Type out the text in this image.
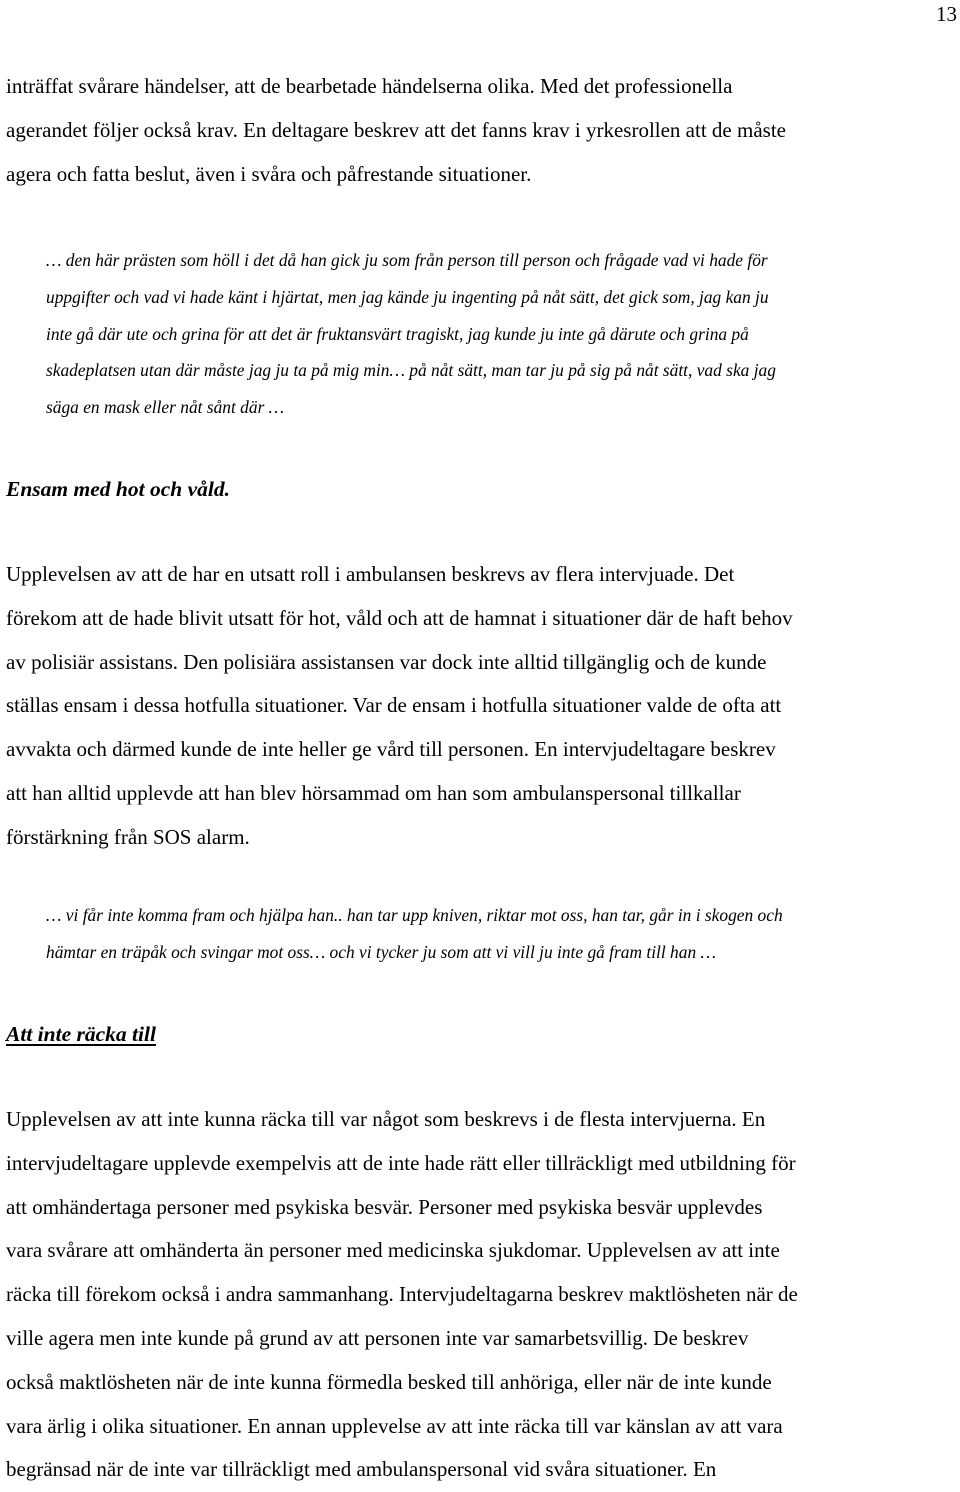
13

inträffat svårare händelser, att de bearbetade händelserna olika. Med det professionella
agerandet följer också krav. En deltagare beskrev att det fanns krav i yrkesrollen att de måste
agera och fatta beslut, även i svåra och påfrestande situationer.

… den här prästen som höll i det då han gick ju som från person till person och frågade vad vi hade för
uppgifter och vad vi hade känt i hjärtat, men jag kände ju ingenting på nåt sätt, det gick som, jag kan ju
inte gå där ute och grina för att det är fruktansvärt tragiskt, jag kunde ju inte gå därute och grina på
skadeplatsen utan där måste jag ju ta på mig min… på nåt sätt, man tar ju på sig på nåt sätt, vad ska jag
säga en mask eller nåt sånt där …

Ensam med hot och våld.

Upplevelsen av att de har en utsatt roll i ambulansen beskrevs av flera intervjuade. Det
förekom att de hade blivit utsatt för hot, våld och att de hamnat i situationer där de haft behov
av polisiär assistans. Den polisiära assistansen var dock inte alltid tillgänglig och de kunde
ställas ensam i dessa hotfulla situationer. Var de ensam i hotfulla situationer valde de ofta att
avvakta och därmed kunde de inte heller ge vård till personen. En intervjudeltagare beskrev
att han alltid upplevde att han blev hörsammad om han som ambulanspersonal tillkallar
förstärkning från SOS alarm.

… vi får inte komma fram och hjälpa han.. han tar upp kniven, riktar mot oss, han tar, går in i skogen och
hämtar en träpåk och svingar mot oss… och vi tycker ju som att vi vill ju inte gå fram till han …

Att inte räcka till

Upplevelsen av att inte kunna räcka till var något som beskrevs i de flesta intervjuerna. En
intervjudeltagare upplevde exempelvis att de inte hade rätt eller tillräckligt med utbildning för
att omhändertaga personer med psykiska besvär. Personer med psykiska besvär upplevdes
vara svårare att omhänderta än personer med medicinska sjukdomar. Upplevelsen av att inte
räcka till förekom också i andra sammanhang. Intervjudeltagarna beskrev maktlösheten när de
ville agera men inte kunde på grund av att personen inte var samarbetsvillig. De beskrev
också maktlösheten när de inte kunna förmedla besked till anhöriga, eller när de inte kunde
vara ärlig i olika situationer. En annan upplevelse av att inte räcka till var känslan av att vara
begränsad när de inte var tillräckligt med ambulanspersonal vid svåra situationer. En
